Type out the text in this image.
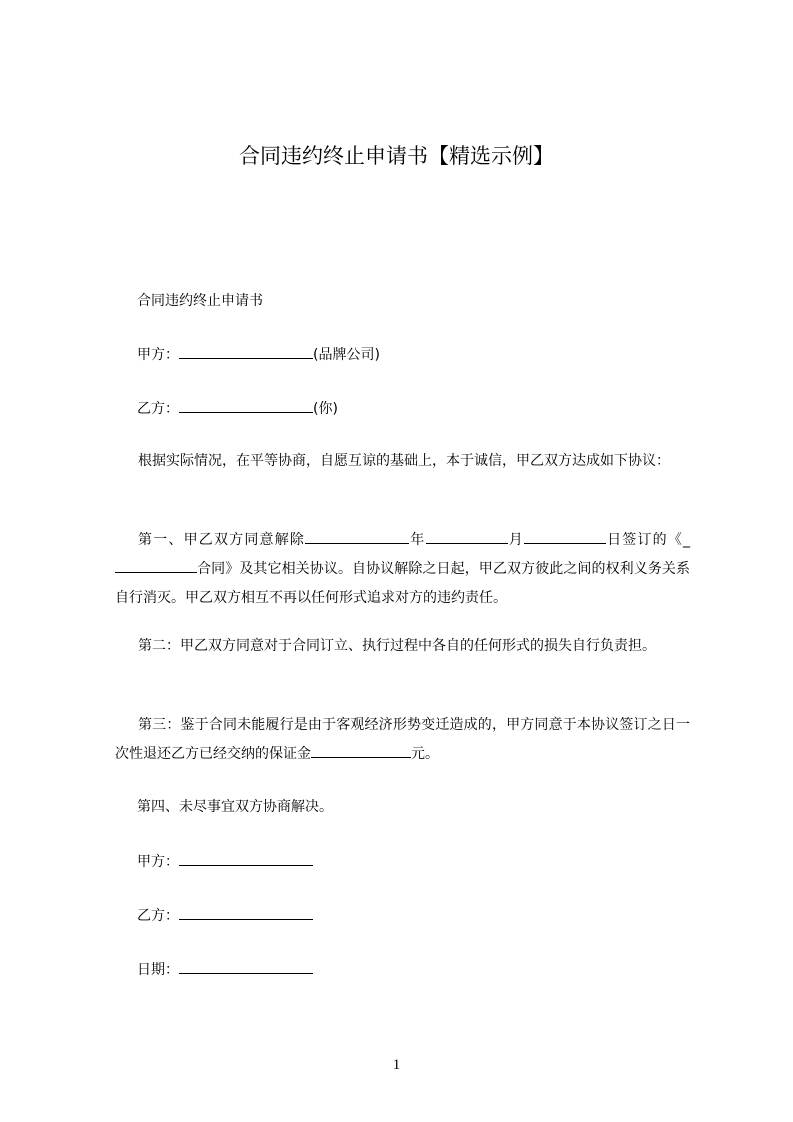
合同违约终止申请书【精选示例】
合同违约终止申请书
甲方：	(品牌公司)
乙方：	(你)
根据实际情况，在平等协商，自愿互谅的基础上，本于诚信，甲乙双方达成如下协议：
第一、甲乙双方同意解除	年	月	日签订的《_合同》及其它相关协议。自协议解除之日起，甲乙双方彼此之间的权利义务关系自行消灭。甲乙双方相互不再以任何形式追求对方的违约责任。
第二：甲乙双方同意对于合同订立、执行过程中各自的任何形式的损失自行负责担。
第三：鉴于合同未能履行是由于客观经济形势变迁造成的，甲方同意于本协议签订之日一次性退还乙方已经交纳的保证金	元。
第四、未尽事宜双方协商解决。
甲方：
乙方：
日期：
1
